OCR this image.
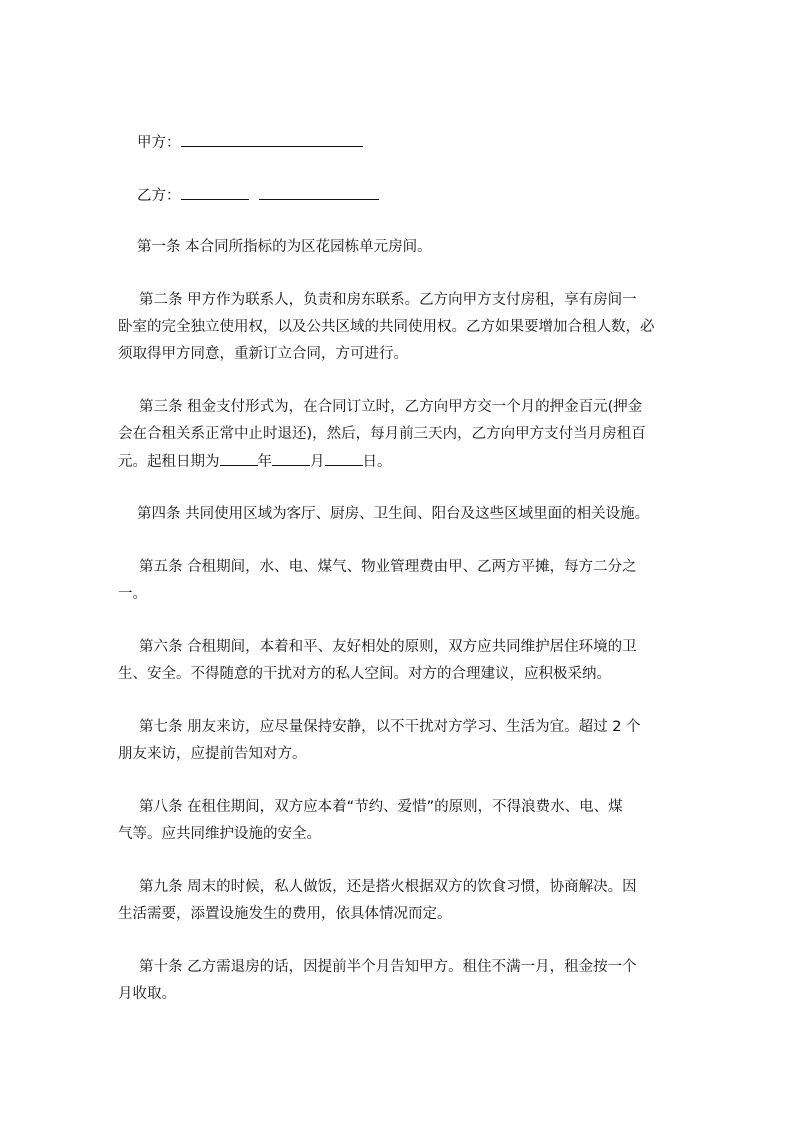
甲方：
乙方：
第一条 本合同所指标的为区花园栋单元房间。
第二条 甲方作为联系人，负责和房东联系。乙方向甲方支付房租，享有房间一
卧室的完全独立使用权，以及公共区域的共同使用权。乙方如果要增加合租人数，必
须取得甲方同意，重新订立合同，方可进行。
第三条 租金支付形式为，在合同订立时，乙方向甲方交一个月的押金百元(押金
会在合租关系正常中止时退还)，然后，每月前三天内，乙方向甲方支付当月房租百
元。起租日期为	年	月	日。
第四条 共同使用区域为客厅、厨房、卫生间、阳台及这些区域里面的相关设施。
第五条 合租期间，水、电、煤气、物业管理费由甲、乙两方平摊，每方二分之
一。
第六条 合租期间，本着和平、友好相处的原则，双方应共同维护居住环境的卫
生、安全。不得随意的干扰对方的私人空间。对方的合理建议，应积极采纳。
第七条 朋友来访，应尽量保持安静，以不干扰对方学习、生活为宜。超过 2 个
朋友来访，应提前告知对方。
第八条 在租住期间，双方应本着“节约、爱惜”的原则，不得浪费水、电、煤
气等。应共同维护设施的安全。
第九条 周末的时候，私人做饭，还是搭火根据双方的饮食习惯，协商解决。因
生活需要，添置设施发生的费用，依具体情况而定。
第十条 乙方需退房的话，因提前半个月告知甲方。租住不满一月，租金按一个
月收取。
